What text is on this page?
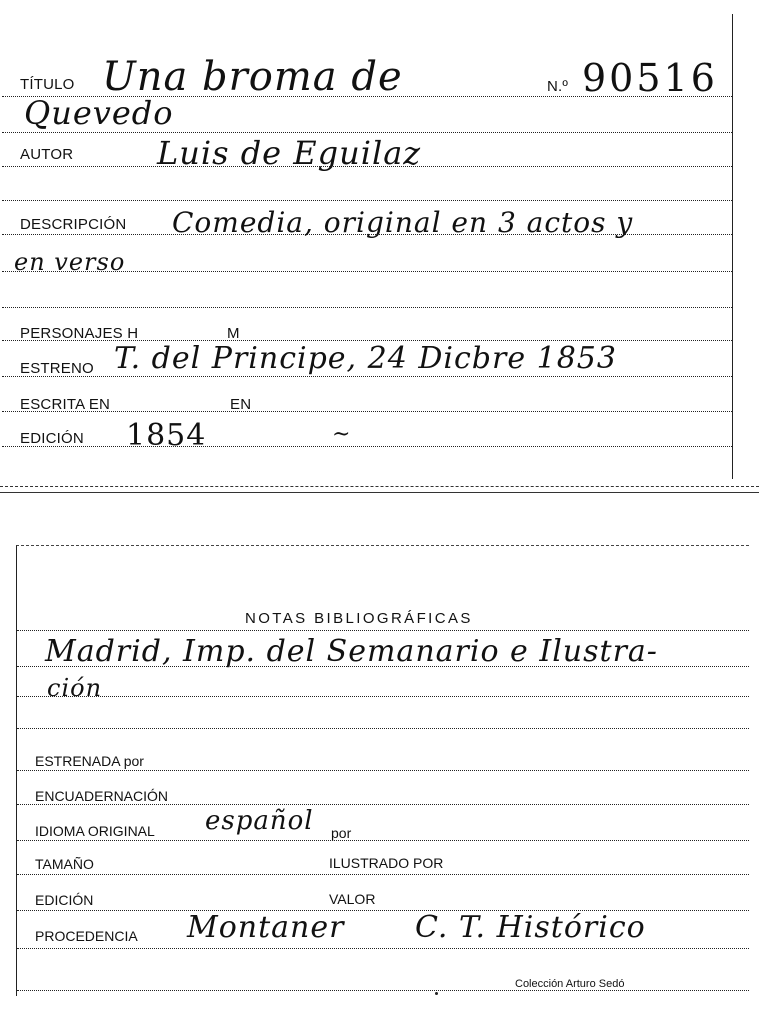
TÍTULO Una broma de	N.º 90516
Quevedo
AUTOR	Luis de Eguilaz
DESCRIPCIÓN Comedia, original en 3 actos y
en verso
PERSONAJES H	M
ESTRENO T. del Principe, 24 Dicbre 1853
ESCRITA EN	EN
EDICIÓN 1854	~
NOTAS BIBLIOGRÁFICAS
Madrid, Imp. del Semanario e Ilustra-
ción
ESTRENADA por
ENCUADERNACIÓN
IDIOMA ORIGINAL español por
TAMAÑO	ILUSTRADO POR
EDICIÓN	VALOR
PROCEDENCIA Montaner C. T. Histórico
Colección Arturo Sedó
